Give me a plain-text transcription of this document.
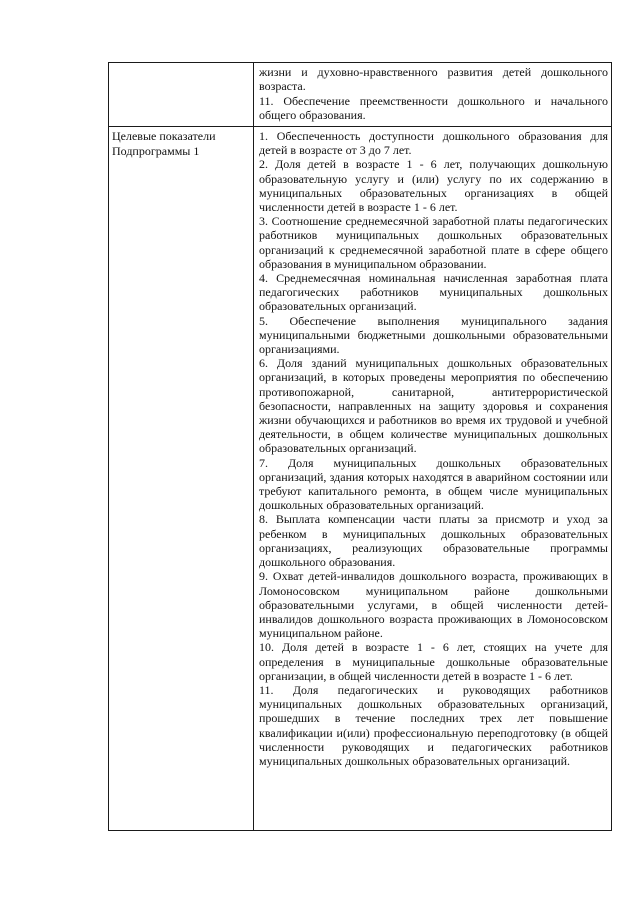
жизни и духовно-нравственного развития детей дошкольного возраста.

11. Обеспечение преемственности дошкольного и начального общего образования.

Целевые показатели
Подпрограммы 1

1. Обеспеченность доступности дошкольного образования для детей в возрасте от 3 до 7 лет.

2. Доля детей в возрасте 1 - 6 лет, получающих дошкольную образовательную услугу и (или) услугу по их содержанию в муниципальных образовательных организациях в общей численности детей в возрасте 1 - 6 лет.

3. Соотношение среднемесячной заработной платы педагогических работников муниципальных дошкольных образовательных организаций к среднемесячной заработной плате в сфере общего образования в муниципальном образовании.

4. Среднемесячная номинальная начисленная заработная плата педагогических работников муниципальных дошкольных образовательных организаций.

5. Обеспечение выполнения муниципального задания муниципальными бюджетными дошкольными образовательными организациями.

6. Доля зданий муниципальных дошкольных образовательных организаций, в которых проведены мероприятия по обеспечению противопожарной, санитарной, антитеррористической безопасности, направленных на защиту здоровья и сохранения жизни обучающихся и работников во время их трудовой и учебной деятельности, в общем количестве муниципальных дошкольных образовательных организаций.

7. Доля муниципальных дошкольных образовательных организаций, здания которых находятся в аварийном состоянии или требуют капитального ремонта, в общем числе муниципальных дошкольных образовательных организаций.

8. Выплата компенсации части платы за присмотр и уход за ребенком в муниципальных дошкольных образовательных организациях, реализующих образовательные программы дошкольного образования.

9. Охват детей-инвалидов дошкольного возраста, проживающих в Ломоносовском муниципальном районе дошкольными образовательными услугами, в общей численности детей-инвалидов дошкольного возраста проживающих в Ломоносовском муниципальном районе.

10. Доля детей в возрасте 1 - 6 лет, стоящих на учете для определения в муниципальные дошкольные образовательные организации, в общей численности детей в возрасте 1 - 6 лет.

11. Доля педагогических и руководящих работников муниципальных дошкольных образовательных организаций, прошедших в течение последних трех лет повышение квалификации и(или) профессиональную переподготовку (в общей численности руководящих и педагогических работников муниципальных дошкольных образовательных организаций.
